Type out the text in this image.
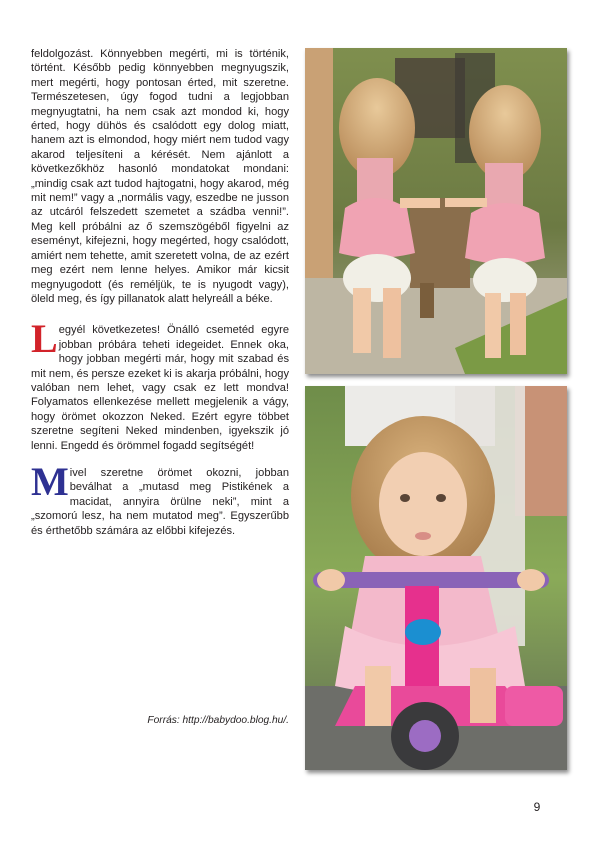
feldolgozást. Könnyebben megérti, mi is történik, történt. Később pedig könnyebben megnyugszik, mert megérti, hogy pontosan érted, mit szeretne. Természetesen, úgy fogod tudni a legjobban megnyugtatni, ha nem csak azt mondod ki, hogy érted, hogy dühös és csalódott egy dolog miatt, hanem azt is elmondod, hogy miért nem tudod vagy akarod teljesíteni a kérését. Nem ajánlott a következőkhöz hasonló mondatokat mondani: „mindig csak azt tudod hajtogatni, hogy akarod, még mit nem!” vagy a „normális vagy, eszedbe ne jusson az utcáról felszedett szemetet a szádba venni!”. Meg kell próbálni az ő szemszögéből figyelni az eseményt, kifejezni, hogy megérted, hogy csalódott, amiért nem tehette, amit szeretett volna, de az ezért meg ezért nem lenne helyes. Amikor már kicsit megnyugodott (és reméljük, te is nyugodt vagy), öleld meg, és így pillanatok alatt helyreáll a béke.

Legyél következetes! Önálló csemetéd egyre jobban próbára teheti idegeidet. Ennek oka, hogy jobban megérti már, hogy mit szabad és mit nem, és persze ezeket ki is akarja próbálni, hogy valóban nem lehet, vagy csak ez lett mondva! Folyamatos ellenkezése mellett megjelenik a vágy, hogy örömet okozzon Neked. Ezért egyre többet szeretne segíteni Neked mindenben, igyekszik jó lenni. Engedd és örömmel fogadd segítségét!

Mivel szeretne örömet okozni, jobban beválhat a „mutasd meg Pistikének a macidat, annyira örülne neki”, mint a „szomorú lesz, ha nem mutatod meg”. Egyszerűbb és érthetőbb számára az előbbi kifejezés.

Forrás: http://babydoo.blog.hu/.
9
